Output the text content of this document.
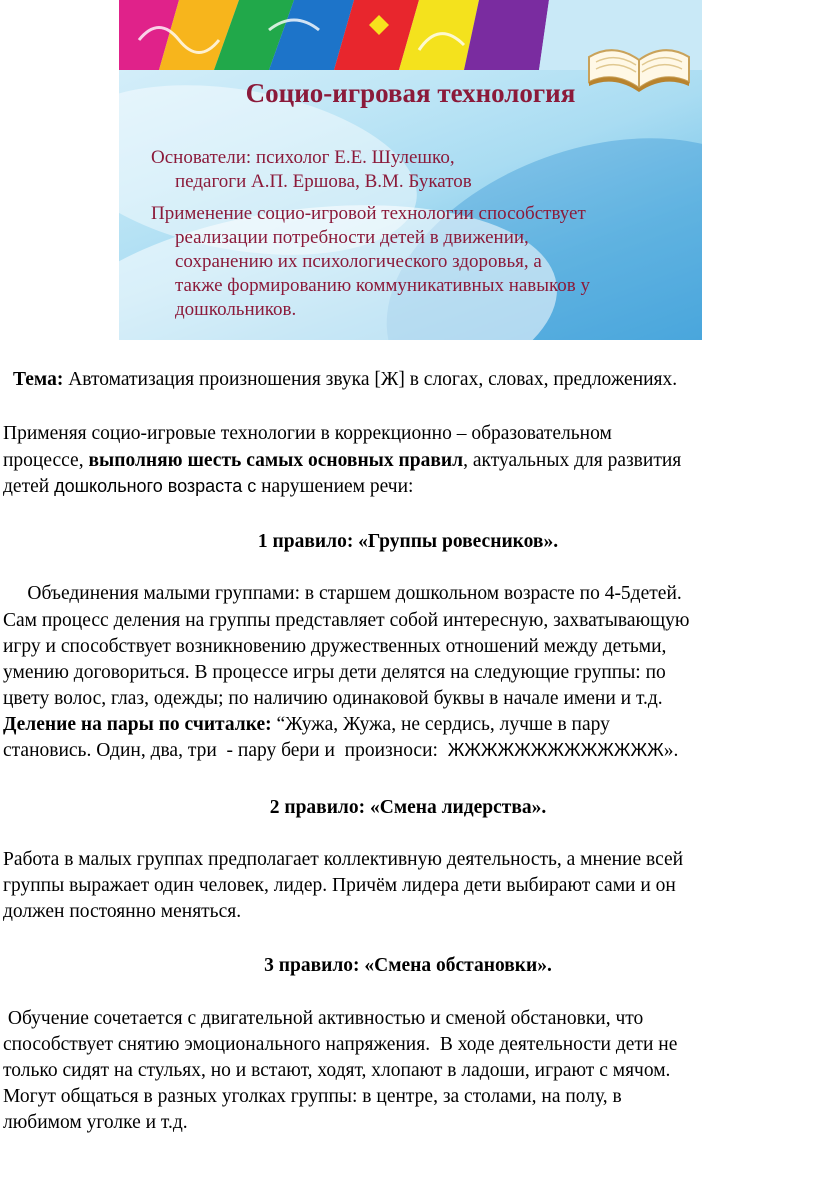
Социо-игровая технология
Основатели: психолог Е.Е. Шулешко,
педагоги А.П. Ершова, В.М. Букатов
Применение социо-игровой технологии способствует
реализации потребности детей в движении,
сохранению их психологического здоровья, а
также формированию коммуникативных навыков у
дошкольников.
Тема: Автоматизация произношения звука [Ж] в слогах, словах, предложениях.
Применяя социо-игровые технологии в коррекционно – образовательном
процессе, выполняю шесть самых основных правил, актуальных для развития
детей дошкольного возраста с нарушением речи:
1 правило: «Группы ровесников».
Объединения малыми группами: в старшем дошкольном возрасте по 4-5детей.
Сам процесс деления на группы представляет собой интересную, захватывающую
игру и способствует возникновению дружественных отношений между детьми,
умению договориться. В процессе игры дети делятся на следующие группы: по
цвету волос, глаз, одежды; по наличию одинаковой буквы в начале имени и т.д.
Деление на пары по считалке: “Жужа, Жужа, не сердись, лучше в пару
становись. Один, два, три  - пару бери и  произноси:  ЖЖЖЖЖЖЖЖЖЖЖЖЖ».
2 правило: «Смена лидерства».
Работа в малых группах предполагает коллективную деятельность, а мнение всей
группы выражает один человек, лидер. Причём лидера дети выбирают сами и он
должен постоянно меняться.
3 правило: «Смена обстановки».
Обучение сочетается с двигательной активностью и сменой обстановки, что
способствует снятию эмоционального напряжения.  В ходе деятельности дети не
только сидят на стульях, но и встают, ходят, хлопают в ладоши, играют с мячом.
Могут общаться в разных уголках группы: в центре, за столами, на полу, в
любимом уголке и т.д.
